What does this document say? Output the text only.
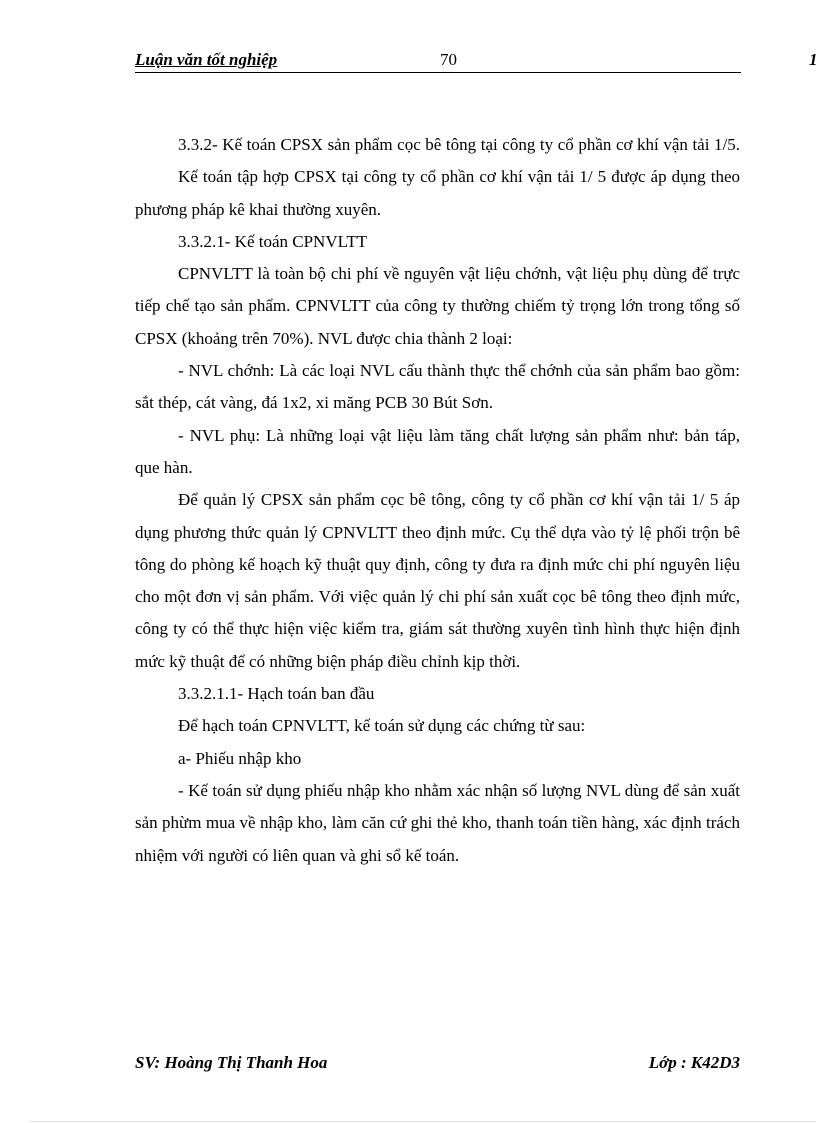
Luận văn tốt nghiệp	70	1

3.3.2- Kế toán CPSX sản phẩm cọc bê tông tại công ty cổ phần cơ khí vận tải 1/5.

Kế toán tập hợp CPSX tại công ty cổ phần cơ khí vận tải 1/ 5 được áp dụng theo phương pháp kê khai thường xuyên.

3.3.2.1- Kế toán CPNVLTT

CPNVLTT là toàn bộ chi phí về nguyên vật liệu chớnh, vật liệu phụ dùng để trực tiếp chế tạo sản phẩm. CPNVLTT của công ty thường chiếm tỷ trọng lớn trong tổng số CPSX (khoảng trên 70%). NVL được chia thành 2 loại:

- NVL chớnh: Là các loại NVL cấu thành thực thể chớnh của sản phẩm bao gồm: sắt thép, cát vàng, đá 1x2, xi măng PCB 30 Bút Sơn.

- NVL phụ: Là những loại vật liệu làm tăng chất lượng sản phẩm như: bản táp, que hàn.

Để quản lý CPSX sản phẩm cọc bê tông, công ty cổ phần cơ khí vận tải 1/ 5 áp dụng phương thức quản lý CPNVLTT theo định mức. Cụ thể dựa vào tỷ lệ phối trộn bê tông do phòng kế hoạch kỹ thuật quy định, công ty đưa ra định mức chi phí nguyên liệu cho một đơn vị sản phẩm. Với việc quản lý chi phí sản xuất cọc bê tông theo định mức, công ty có thể thực hiện việc kiểm tra, giám sát thường xuyên tình hình thực hiện định mức kỹ thuật để có những biện pháp điều chỉnh kịp thời.

3.3.2.1.1- Hạch toán ban đầu

Để hạch toán CPNVLTT, kế toán sử dụng các chứng từ sau:

a- Phiếu nhập kho

- Kế toán sử dụng phiếu nhập kho nhằm xác nhận số lượng NVL dùng để sản xuất sản phừm mua về nhập kho, làm căn cứ ghi thẻ kho, thanh toán tiền hàng, xác định trách nhiệm với người có liên quan và ghi sổ kế toán.

SV: Hoàng Thị Thanh Hoa	Lớp : K42D3
